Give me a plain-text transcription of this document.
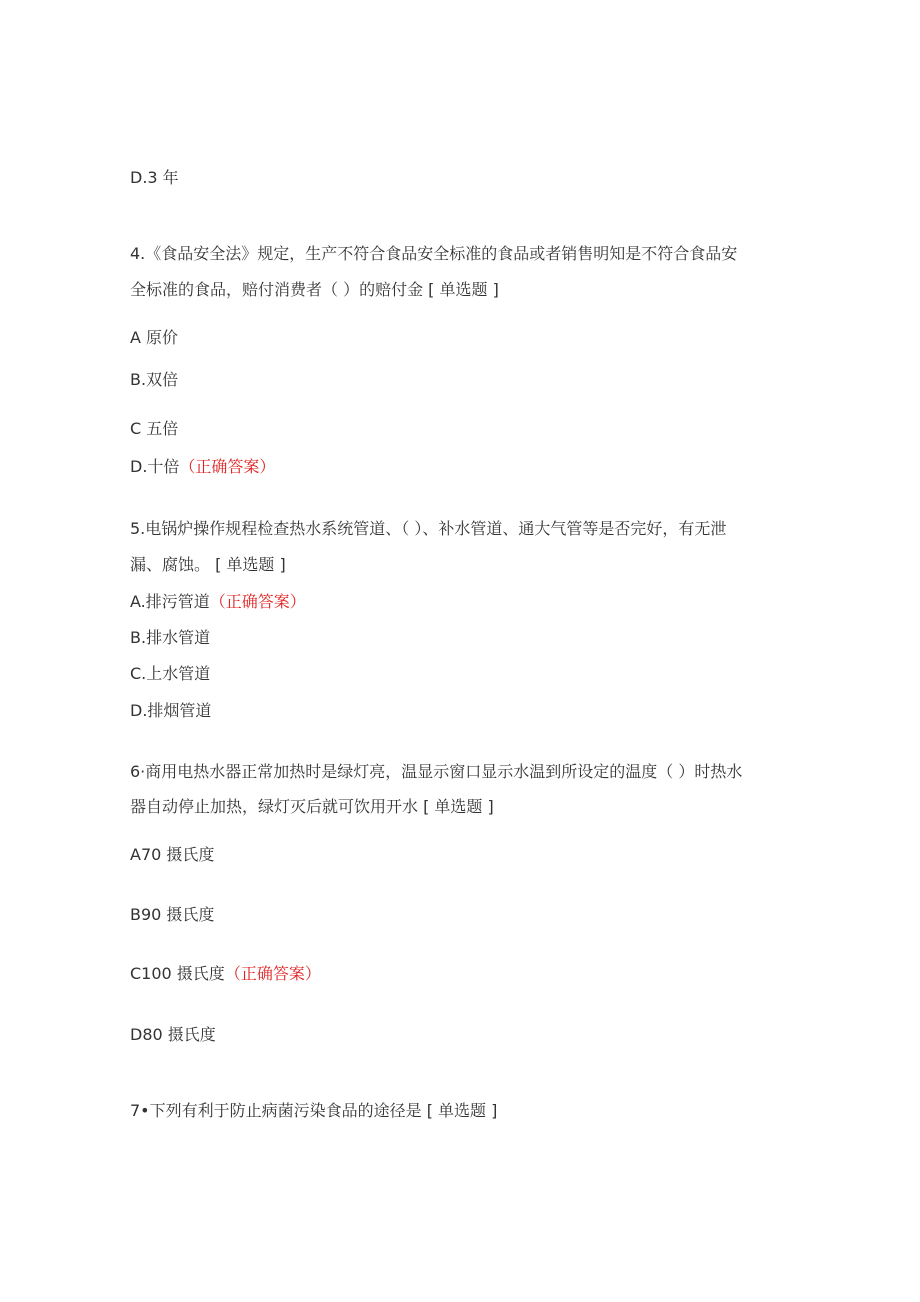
D.3 年
4.《食品安全法》规定，生产不符合食品安全标准的食品或者销售明知是不符合食品安
全标准的食品，赔付消费者（ ）的赔付金 [ 单选题 ]
A 原价
B.双倍
C 五倍
D.十倍（正确答案）
5.电锅炉操作规程检查热水系统管道、（ ）、补水管道、通大气管等是否完好，有无泄
漏、腐蚀。 [ 单选题 ]
A.排污管道（正确答案）
B.排水管道
C.上水管道
D.排烟管道
6·商用电热水器正常加热时是绿灯亮，温显示窗口显示水温到所设定的温度（ ）时热水
器自动停止加热，绿灯灭后就可饮用开水 [ 单选题 ]
A70 摄氏度
B90 摄氏度
C100 摄氏度（正确答案）
D80 摄氏度
7•下列有利于防止病菌污染食品的途径是 [ 单选题 ]
